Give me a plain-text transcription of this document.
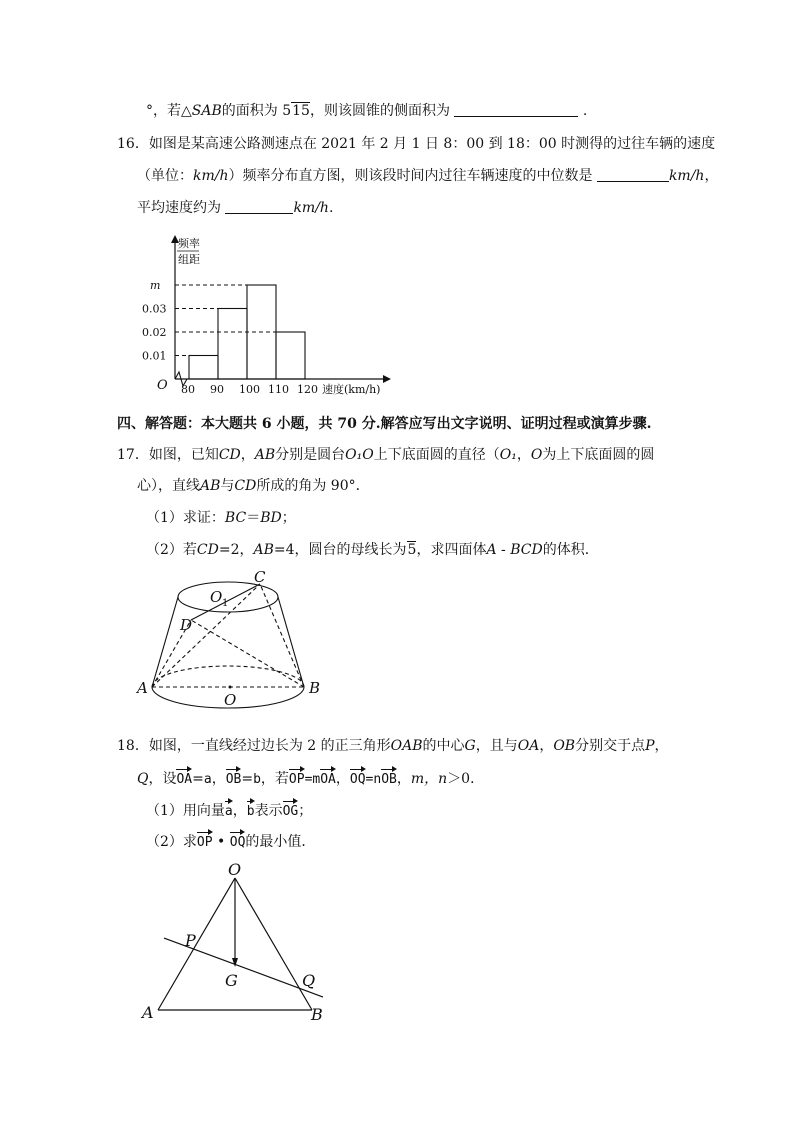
°，若△SAB的面积为 515，则该圆锥的侧面积为	.
16．如图是某高速公路测速点在 2021 年 2 月 1 日 8：00 到 18：00 时测得的过往车辆的速度
（单位：km/h）频率分布直方图，则该段时间内过往车辆速度的中位数是	km/h，
平均速度约为	km/h.
频率
组距
O
0.01
0.02
0.03
m
80 90 100 110 120 速度(km/h)
四、解答题：本大题共 6 小题，共 70 分.解答应写出文字说明、证明过程或演算步骤.
17．如图，已知CD，AB分别是圆台O₁O上下底面圆的直径（O₁，O为上下底面圆的圆
心），直线AB与CD所成的角为 90°．
（1）求证：BC＝BD；
（2）若CD=2，AB=4，圆台的母线长为5，求四面体A - BCD的体积．
C
O 1
D
A	B
O
18．如图，一直线经过边长为 2 的正三角形OAB的中心G，且与OA，OB分别交于点P，
Q，设OA=a，OB=b，若OP=mOA，OQ=nOB，m，n＞0．
（1）用向量a，b表示OG；
（2）求OP • OQ的最小值．
O
P
G	Q
A	B
